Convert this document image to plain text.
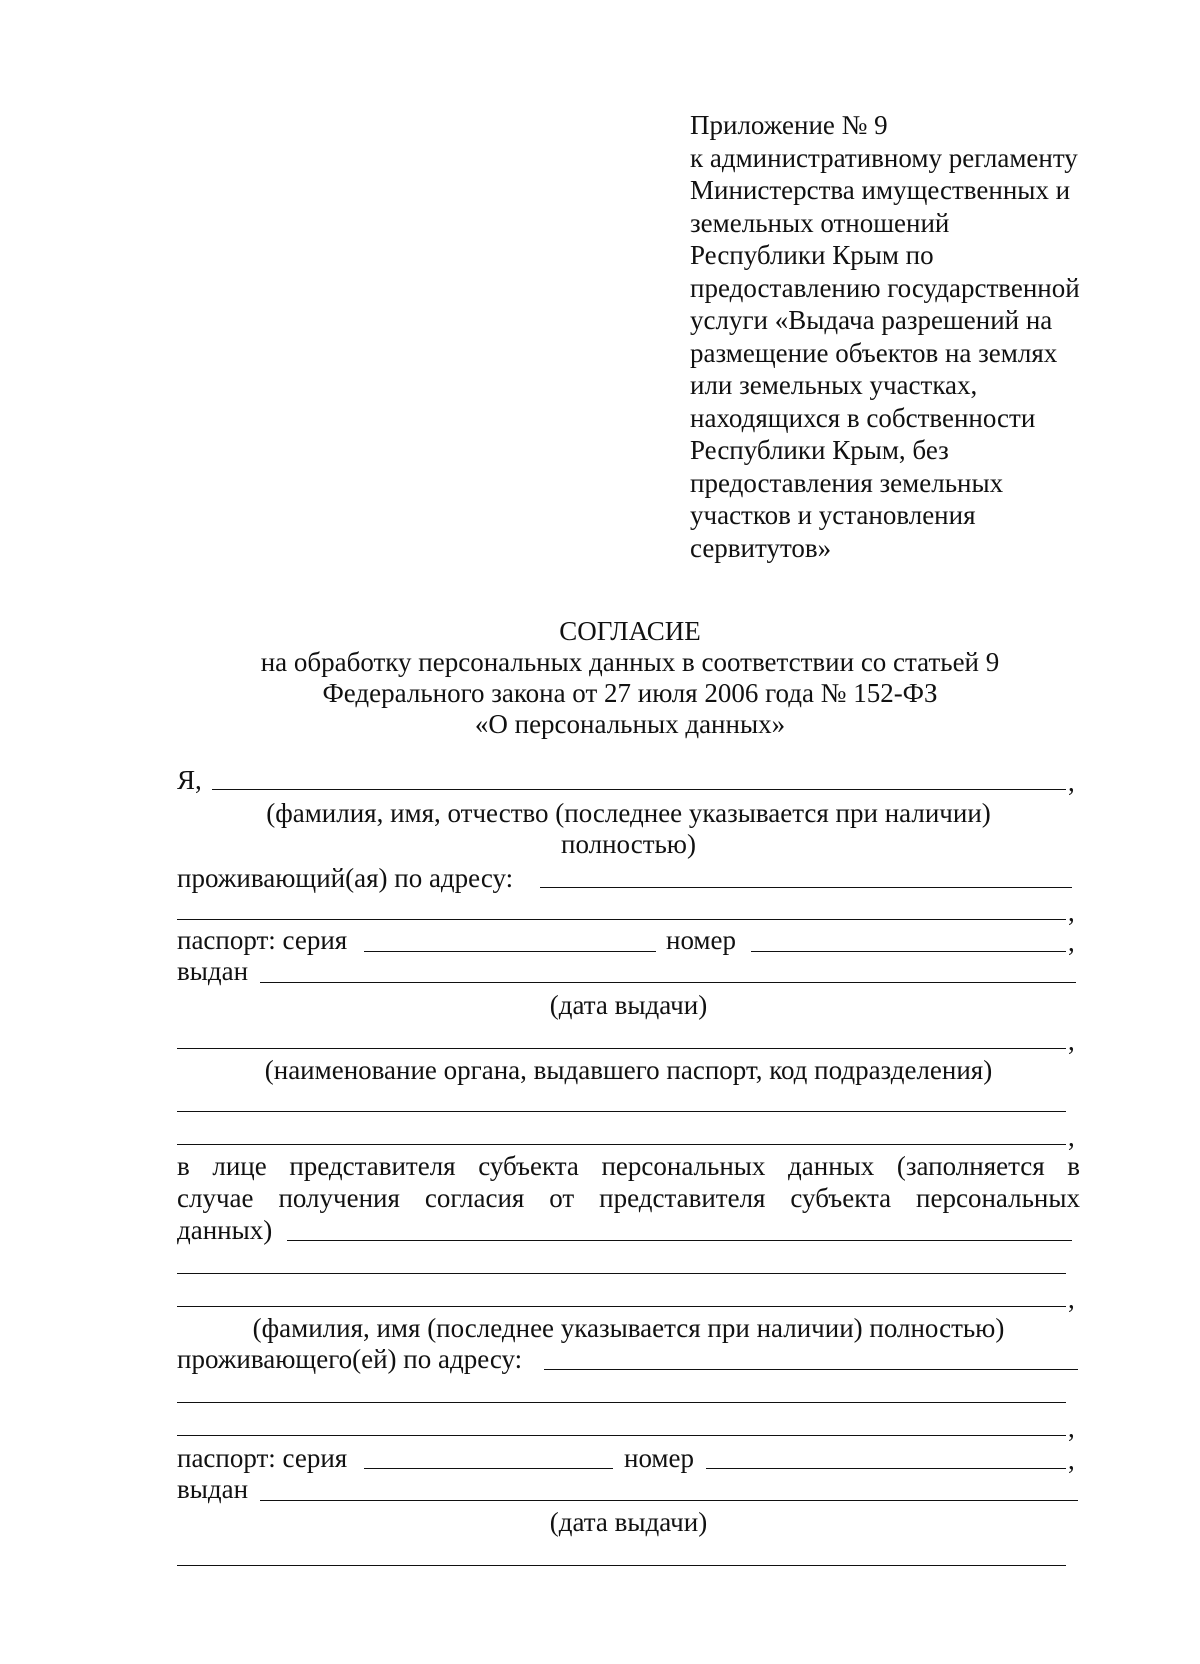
Приложение № 9
к административному регламенту
Министерства имущественных и
земельных отношений
Республики Крым по
предоставлению государственной
услуги «Выдача разрешений на
размещение объектов на землях
или земельных участках,
находящихся в собственности
Республики Крым, без
предоставления земельных
участков и установления
сервитутов»
СОГЛАСИЕ
на обработку персональных данных в соответствии со статьей 9
Федерального закона от 27 июля 2006 года № 152-ФЗ
«О персональных данных»
Я,	,
(фамилия, имя, отчество (последнее указывается при наличии)
полностью)
проживающий(ая) по адресу:
,
паспорт: серия	номер	,
выдан
(дата выдачи)
,
(наименование органа, выдавшего паспорт, код подразделения)
,
в лице представителя субъекта персональных данных (заполняется в
случае получения согласия от представителя субъекта персональных
данных)
,
(фамилия, имя (последнее указывается при наличии) полностью)
проживающего(ей) по адресу:
,
паспорт: серия	номер	,
выдан
(дата выдачи)
